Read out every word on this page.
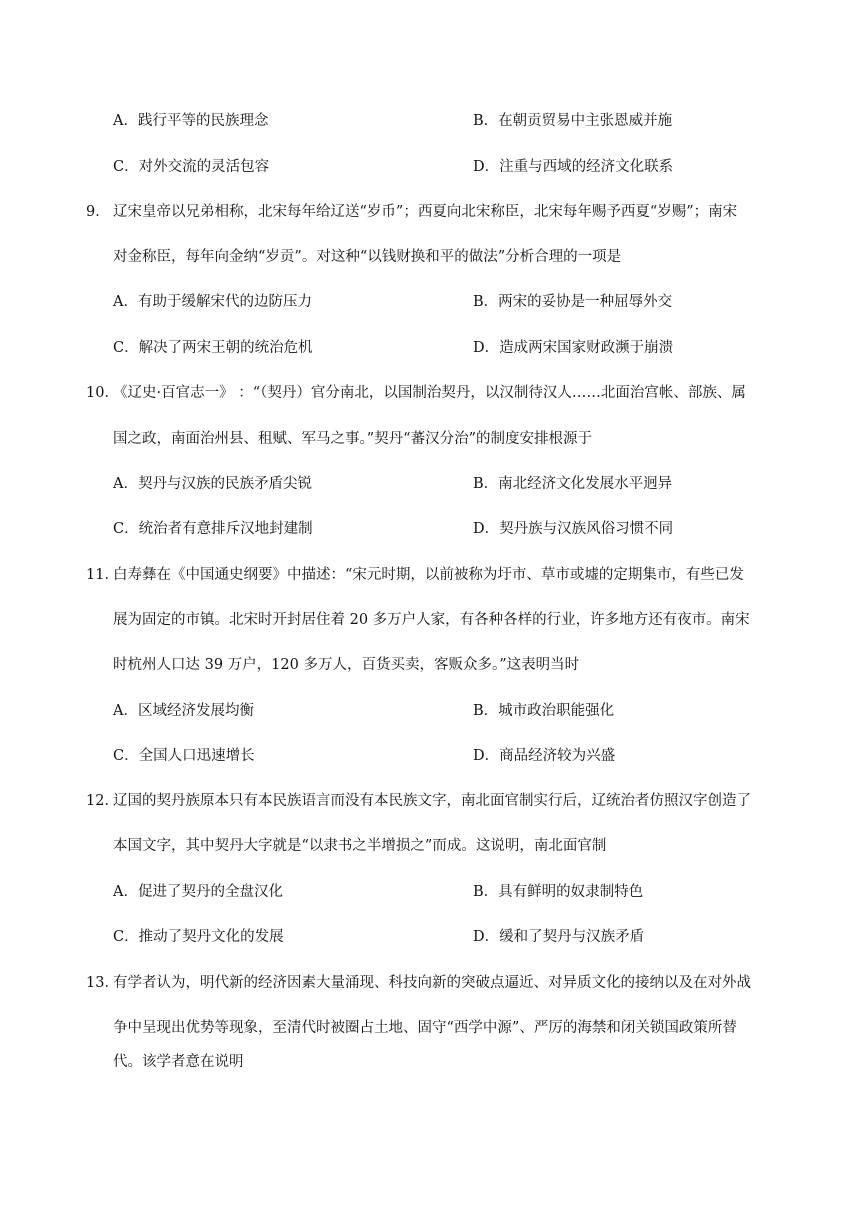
A．践行平等的民族理念	B．在朝贡贸易中主张恩威并施
C．对外交流的灵活包容	D．注重与西域的经济文化联系
9． 辽宋皇帝以兄弟相称，北宋每年给辽送“岁币”；西夏向北宋称臣，北宋每年赐予西夏“岁赐”；南宋
对金称臣，每年向金纳“岁贡”。对这种“以钱财换和平的做法”分析合理的一项是
A．有助于缓解宋代的边防压力	B．两宋的妥协是一种屈辱外交
C．解决了两宋王朝的统治危机	D．造成两宋国家财政濒于崩溃
10．
《辽史·百官志一》 ：“（契丹）官分南北，以国制治契丹，以汉制待汉人……北面治宫帐、部族、属
国之政，南面治州县、租赋、军马之事。”契丹“蕃汉分治”的制度安排根源于
A．契丹与汉族的民族矛盾尖锐	B．南北经济文化发展水平迥异
C．统治者有意排斥汉地封建制	D．契丹族与汉族风俗习惯不同
11．
白寿彝在《中国通史纲要》中描述：“宋元时期，以前被称为圩市、草市或墟的定期集市，有些已发
展为固定的市镇。北宋时开封居住着 20 多万户人家，有各种各样的行业，许多地方还有夜市。南宋
时杭州人口达 39 万户，120 多万人，百货买卖，客贩众多。”这表明当时
A．区域经济发展均衡	B．城市政治职能强化
C．全国人口迅速增长	D．商品经济较为兴盛
12．
辽国的契丹族原本只有本民族语言而没有本民族文字，南北面官制实行后，辽统治者仿照汉字创造了
本国文字，其中契丹大字就是“以隶书之半增损之”而成。这说明，南北面官制
A．促进了契丹的全盘汉化	B．具有鲜明的奴隶制特色
C．推动了契丹文化的发展	D．缓和了契丹与汉族矛盾
13．
有学者认为，明代新的经济因素大量涌现、科技向新的突破点逼近、对异质文化的接纳以及在对外战
争中呈现出优势等现象，至清代时被圈占土地、固守“西学中源”、严厉的海禁和闭关锁国政策所替
代。该学者意在说明
